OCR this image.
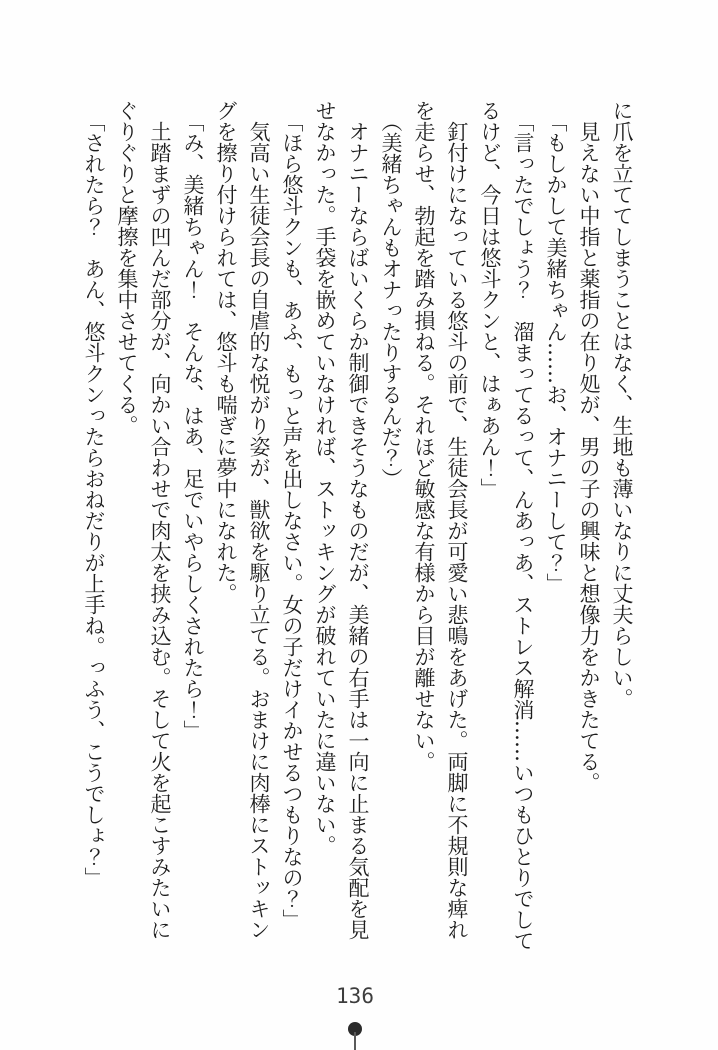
に爪を立ててしまうことはなく、生地も薄いなりに丈夫らしい。

見えない中指と薬指の在り処が、男の子の興味と想像力をかきたてる。

「もしかして美緒ちゃん……お、オナニーして？」

「言ったでしょう？　溜まってるって、んあっあ、ストレス解消……いつもひとりでして

るけど、今日は悠斗クンと、はぁあん！」

釘付けになっている悠斗の前で、生徒会長が可愛い悲鳴をあげた。両脚に不規則な痺れ

を走らせ、勃起を踏み損ねる。それほど敏感な有様から目が離せない。

（美緒ちゃんもオナったりするんだ？）

オナニーならばいくらか制御できそうなものだが、美緒の右手は一向に止まる気配を見

せなかった。手袋を嵌めていなければ、ストッキングが破れていたに違いない。

「ほら悠斗クンも、あふ、もっと声を出しなさい。女の子だけイかせるつもりなの？」

気高い生徒会長の自虐的な悦がり姿が、獣欲を駆り立てる。おまけに肉棒にストッキン

グを擦り付けられては、悠斗も喘ぎに夢中になれた。

「み、美緒ちゃん！　そんな、はあ、足でいやらしくされたら！」

土踏まずの凹んだ部分が、向かい合わせで肉太を挟み込む。そして火を起こすみたいに

ぐりぐりと摩擦を集中させてくる。

「されたら？　あん、悠斗クンったらおねだりが上手ね。っふう、こうでしょ？」

136
